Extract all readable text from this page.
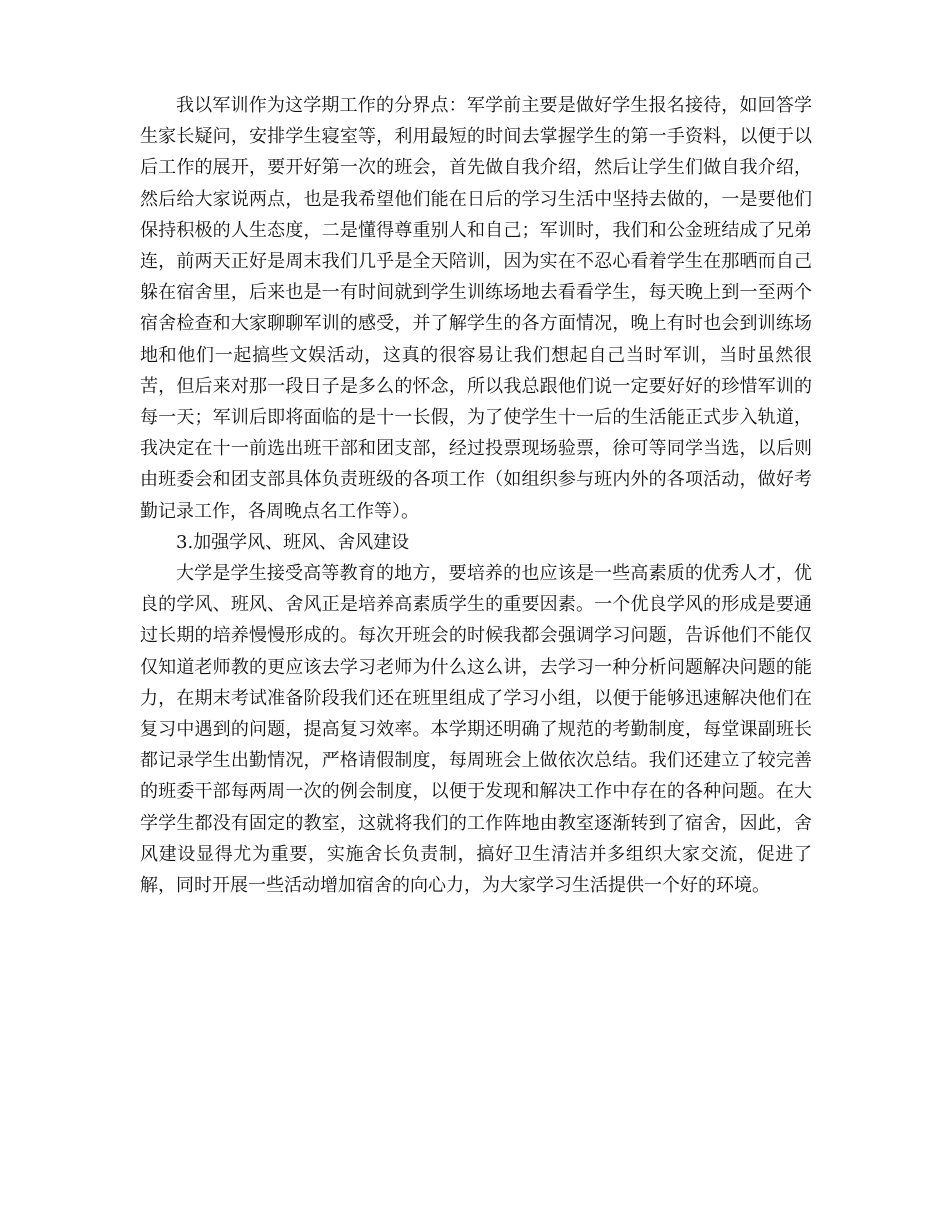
我以军训作为这学期工作的分界点：军学前主要是做好学生报名接待，如回答学生家长疑问，安排学生寝室等，利用最短的时间去掌握学生的第一手资料，以便于以后工作的展开，要开好第一次的班会，首先做自我介绍，然后让学生们做自我介绍，然后给大家说两点，也是我希望他们能在日后的学习生活中坚持去做的，一是要他们保持积极的人生态度，二是懂得尊重别人和自己；军训时，我们和公金班结成了兄弟连，前两天正好是周末我们几乎是全天陪训，因为实在不忍心看着学生在那晒而自己躲在宿舍里，后来也是一有时间就到学生训练场地去看看学生，每天晚上到一至两个宿舍检查和大家聊聊军训的感受，并了解学生的各方面情况，晚上有时也会到训练场地和他们一起搞些文娱活动，这真的很容易让我们想起自己当时军训，当时虽然很苦，但后来对那一段日子是多么的怀念，所以我总跟他们说一定要好好的珍惜军训的每一天；军训后即将面临的是十一长假，为了使学生十一后的生活能正式步入轨道，我决定在十一前选出班干部和团支部，经过投票现场验票，徐可等同学当选，以后则由班委会和团支部具体负责班级的各项工作（如组织参与班内外的各项活动，做好考勤记录工作，各周晚点名工作等）。

3.加强学风、班风、舍风建设

大学是学生接受高等教育的地方，要培养的也应该是一些高素质的优秀人才，优良的学风、班风、舍风正是培养高素质学生的重要因素。一个优良学风的形成是要通过长期的培养慢慢形成的。每次开班会的时候我都会强调学习问题，告诉他们不能仅仅知道老师教的更应该去学习老师为什么这么讲，去学习一种分析问题解决问题的能力，在期末考试准备阶段我们还在班里组成了学习小组，以便于能够迅速解决他们在复习中遇到的问题，提高复习效率。本学期还明确了规范的考勤制度，每堂课副班长都记录学生出勤情况，严格请假制度，每周班会上做依次总结。我们还建立了较完善的班委干部每两周一次的例会制度，以便于发现和解决工作中存在的各种问题。在大学学生都没有固定的教室，这就将我们的工作阵地由教室逐渐转到了宿舍，因此，舍风建设显得尤为重要，实施舍长负责制，搞好卫生清洁并多组织大家交流，促进了解，同时开展一些活动增加宿舍的向心力，为大家学习生活提供一个好的环境。
